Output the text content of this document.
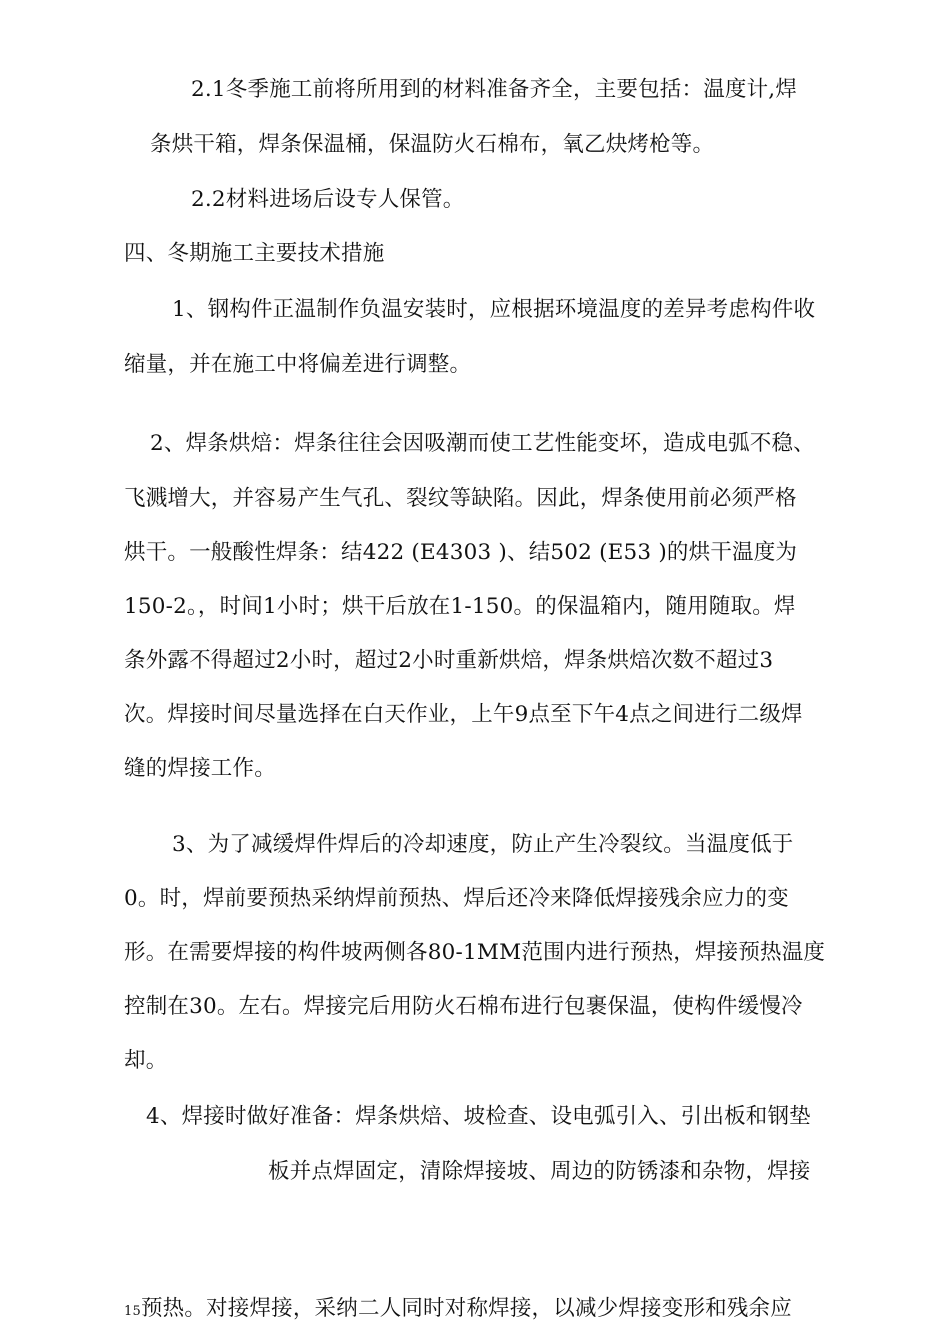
2.1冬季施工前将所用到的材料准备齐全，主要包括：温度计,焊
条烘干箱，焊条保温桶，保温防火石棉布，氧乙炔烤枪等。
2.2材料进场后设专人保管。
四、冬期施工主要技术措施
1、钢构件正温制作负温安装时，应根据环境温度的差异考虑构件收
缩量，并在施工中将偏差进行调整。
2、焊条烘焙：焊条往往会因吸潮而使工艺性能变坏，造成电弧不稳、
飞溅增大，并容易产生气孔、裂纹等缺陷。因此，焊条使用前必须严格
烘干。一般酸性焊条：结422 (E4303 )、结502 (E53 )的烘干温度为
150-2。，时间1小时；烘干后放在1-150。的保温箱内，随用随取。焊
条外露不得超过2小时，超过2小时重新烘焙，焊条烘焙次数不超过3
次。焊接时间尽量选择在白天作业，上午9点至下午4点之间进行二级焊
缝的焊接工作。
3、为了减缓焊件焊后的冷却速度，防止产生冷裂纹。当温度低于
0。时，焊前要预热采纳焊前预热、焊后还冷来降低焊接残余应力的变
形。在需要焊接的构件坡两侧各80-1MM范围内进行预热，焊接预热温度
控制在30。左右。焊接完后用防火石棉布进行包裹保温，使构件缓慢冷
却。
4、焊接时做好准备：焊条烘焙、坡检查、设电弧引入、引出板和钢垫
板并点焊固定，清除焊接坡、周边的防锈漆和杂物，焊接
15预热。对接焊接，采纳二人同时对称焊接，以减少焊接变形和残余应
